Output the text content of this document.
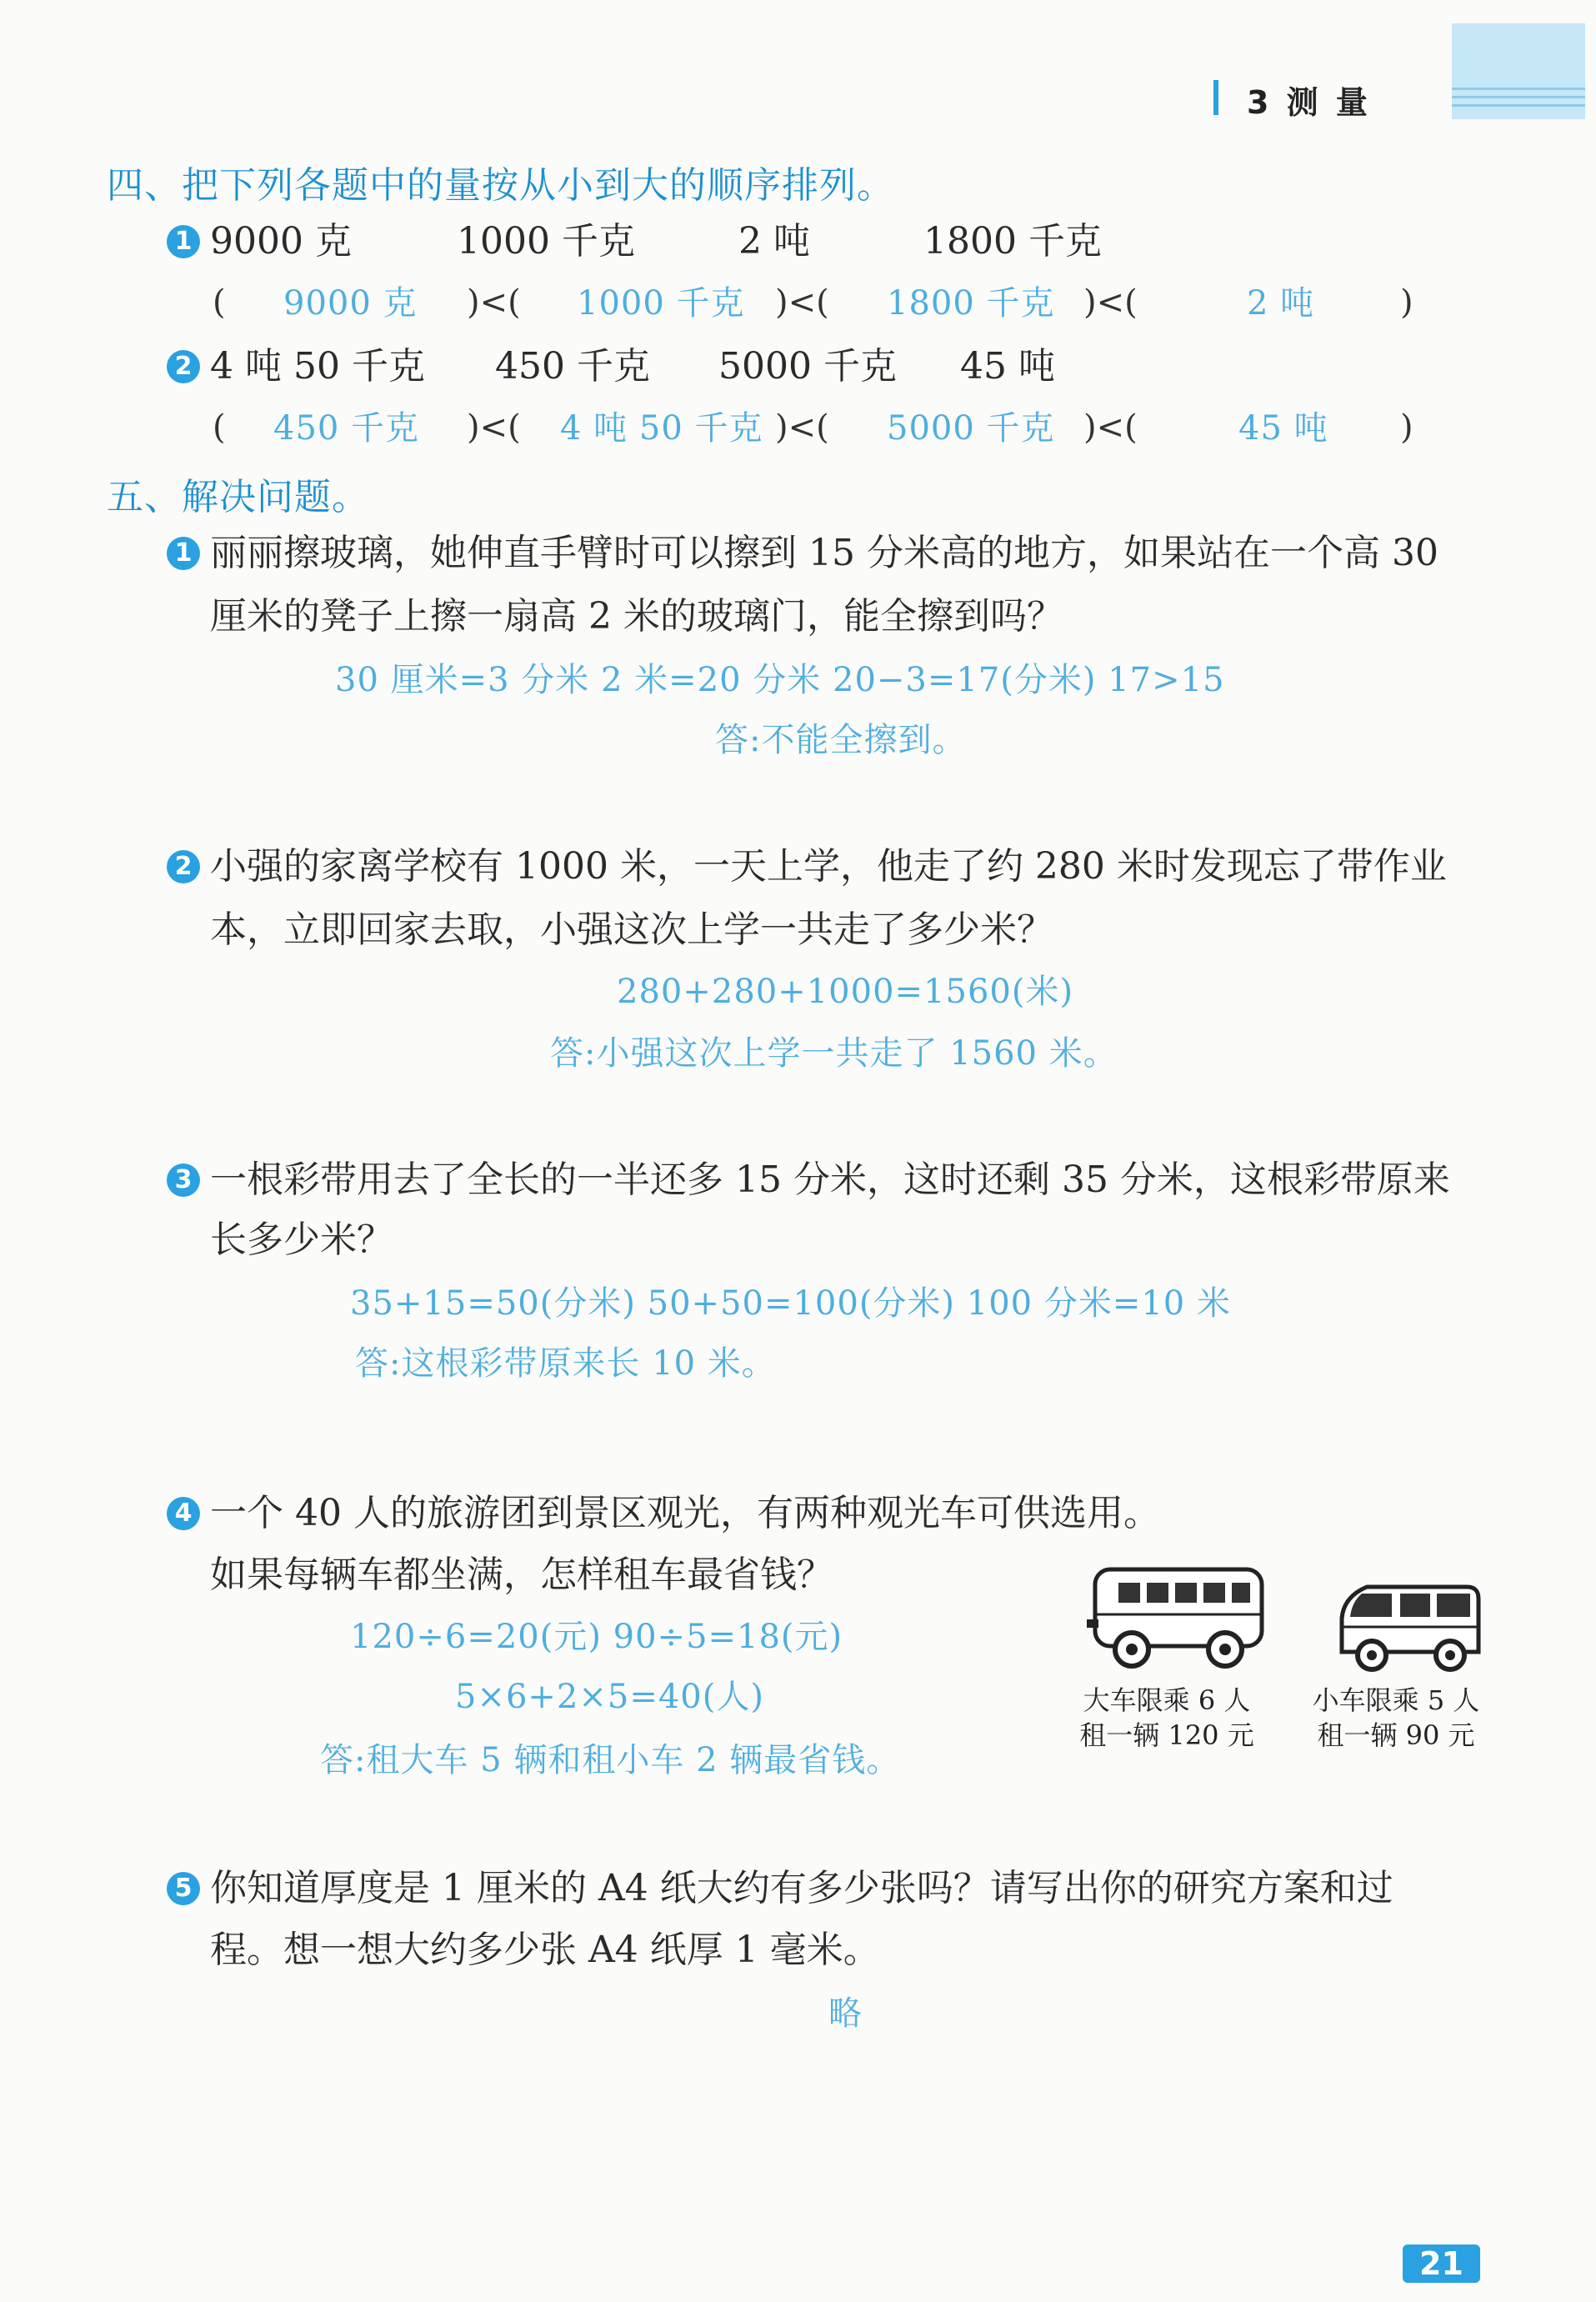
3 测 量
四、把下列各题中的量按从小到大的顺序排列。
1 9000 克	1000 千克	2 吨	1800 千克
( 9000 克 )<( 1000 千克 )<( 1800 千克 )<(	2 吨	)
2 4 吨 50 千克 450 千克 5000 千克 45 吨
( 450 千克 )<( 4 吨 50 千克 )<( 5000 千克 )<(	45 吨 )
五、解决问题。
1 丽丽擦玻璃，她伸直手臂时可以擦到 15 分米高的地方，如果站在一个高 30
厘米的凳子上擦一扇高 2 米的玻璃门，能全擦到吗？
30 厘米=3 分米 2 米=20 分米 20−3=17(分米) 17>15
答:不能全擦到。
2 小强的家离学校有 1000 米，一天上学，他走了约 280 米时发现忘了带作业
本，立即回家去取，小强这次上学一共走了多少米？
280+280+1000=1560(米)
答:小强这次上学一共走了 1560 米。
3 一根彩带用去了全长的一半还多 15 分米，这时还剩 35 分米，这根彩带原来
长多少米？
35+15=50(分米) 50+50=100(分米) 100 分米=10 米
答:这根彩带原来长 10 米。
4 一个 40 人的旅游团到景区观光，有两种观光车可供选用。
如果每辆车都坐满，怎样租车最省钱？
120÷6=20(元) 90÷5=18(元)
5×6+2×5=40(人)
答:租大车 5 辆和租小车 2 辆最省钱。
大车限乘 6 人
租一辆 120 元
小车限乘 5 人
租一辆 90 元
5 你知道厚度是 1 厘米的 A4 纸大约有多少张吗？请写出你的研究方案和过
程。想一想大约多少张 A4 纸厚 1 毫米。
略
21
